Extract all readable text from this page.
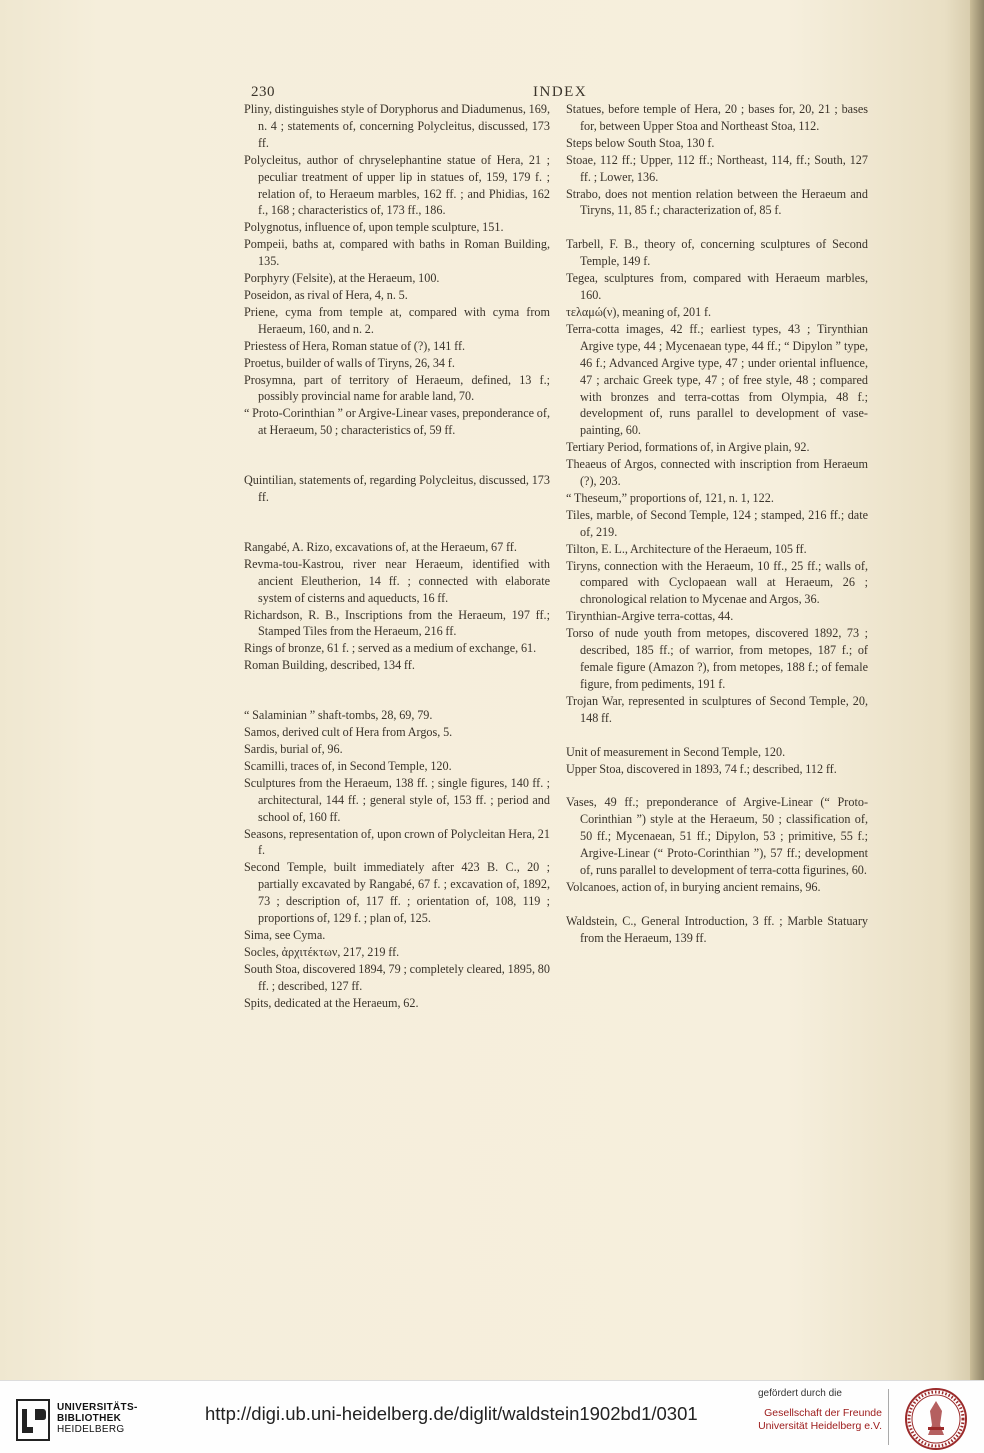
230	INDEX
Pliny, distinguishes style of Doryphorus and Diadumenus, 169, n. 4 ; statements of, concerning Polycleitus, discussed, 173 ff.
Polycleitus, author of chryselephantine statue of Hera, 21 ; peculiar treatment of upper lip in statues of, 159, 179 f. ; relation of, to Heraeum marbles, 162 ff. ; and Phidias, 162 f., 168 ; characteristics of, 173 ff., 186.
Polygnotus, influence of, upon temple sculpture, 151.
Pompeii, baths at, compared with baths in Roman Building, 135.
Porphyry (Felsite), at the Heraeum, 100.
Poseidon, as rival of Hera, 4, n. 5.
Priene, cyma from temple at, compared with cyma from Heraeum, 160, and n. 2.
Priestess of Hera, Roman statue of (?), 141 ff.
Proetus, builder of walls of Tiryns, 26, 34 f.
Prosymna, part of territory of Heraeum, defined, 13 f.; possibly provincial name for arable land, 70.
“ Proto-Corinthian ” or Argive-Linear vases, preponderance of, at Heraeum, 50 ; characteristics of, 59 ff.
Quintilian, statements of, regarding Polycleitus, discussed, 173 ff.
Rangabé, A. Rizo, excavations of, at the Heraeum, 67 ff.
Revma-tou-Kastrou, river near Heraeum, identified with ancient Eleutherion, 14 ff. ; connected with elaborate system of cisterns and aqueducts, 16 ff.
Richardson, R. B., Inscriptions from the Heraeum, 197 ff.; Stamped Tiles from the Heraeum, 216 ff.
Rings of bronze, 61 f. ; served as a medium of exchange, 61.
Roman Building, described, 134 ff.
“ Salaminian ” shaft-tombs, 28, 69, 79.
Samos, derived cult of Hera from Argos, 5.
Sardis, burial of, 96.
Scamilli, traces of, in Second Temple, 120.
Sculptures from the Heraeum, 138 ff. ; single figures, 140 ff. ; architectural, 144 ff. ; general style of, 153 ff. ; period and school of, 160 ff.
Seasons, representation of, upon crown of Polycleitan Hera, 21 f.
Second Temple, built immediately after 423 B. C., 20 ; partially excavated by Rangabé, 67 f. ; excavation of, 1892, 73 ; description of, 117 ff. ; orientation of, 108, 119 ; proportions of, 129 f. ; plan of, 125.
Sima, see Cyma.
Socles, ἀρχιτέκτων, 217, 219 ff.
South Stoa, discovered 1894, 79 ; completely cleared, 1895, 80 ff. ; described, 127 ff.
Spits, dedicated at the Heraeum, 62.
Statues, before temple of Hera, 20 ; bases for, 20, 21 ; bases for, between Upper Stoa and Northeast Stoa, 112.
Steps below South Stoa, 130 f.
Stoae, 112 ff.; Upper, 112 ff.; Northeast, 114, ff.; South, 127 ff. ; Lower, 136.
Strabo, does not mention relation between the Heraeum and Tiryns, 11, 85 f.; characterization of, 85 f.
Tarbell, F. B., theory of, concerning sculptures of Second Temple, 149 f.
Tegea, sculptures from, compared with Heraeum marbles, 160.
τελαμώ(ν), meaning of, 201 f.
Terra-cotta images, 42 ff.; earliest types, 43 ; Tirynthian Argive type, 44 ; Mycenaean type, 44 ff.; “ Dipylon ” type, 46 f.; Advanced Argive type, 47 ; under oriental influence, 47 ; archaic Greek type, 47 ; of free style, 48 ; compared with bronzes and terra-cottas from Olympia, 48 f.; development of, runs parallel to development of vase-painting, 60.
Tertiary Period, formations of, in Argive plain, 92.
Theaeus of Argos, connected with inscription from Heraeum (?), 203.
“ Theseum,” proportions of, 121, n. 1, 122.
Tiles, marble, of Second Temple, 124 ; stamped, 216 ff.; date of, 219.
Tilton, E. L., Architecture of the Heraeum, 105 ff.
Tiryns, connection with the Heraeum, 10 ff., 25 ff.; walls of, compared with Cyclopaean wall at Heraeum, 26 ; chronological relation to Mycenae and Argos, 36.
Tirynthian-Argive terra-cottas, 44.
Torso of nude youth from metopes, discovered 1892, 73 ; described, 185 ff.; of warrior, from metopes, 187 f.; of female figure (Amazon ?), from metopes, 188 f.; of female figure, from pediments, 191 f.
Trojan War, represented in sculptures of Second Temple, 20, 148 ff.
Unit of measurement in Second Temple, 120.
Upper Stoa, discovered in 1893, 74 f.; described, 112 ff.
Vases, 49 ff.; preponderance of Argive-Linear (“ Proto-Corinthian ”) style at the Heraeum, 50 ; classification of, 50 ff.; Mycenaean, 51 ff.; Dipylon, 53 ; primitive, 55 f.; Argive-Linear (“ Proto-Corinthian ”), 57 ff.; development of, runs parallel to development of terra-cotta figurines, 60.
Volcanoes, action of, in burying ancient remains, 96.
Waldstein, C., General Introduction, 3 ff. ; Marble Statuary from the Heraeum, 139 ff.
UNIVERSITÄTS-
BIBLIOTHEK
HEIDELBERG
http://digi.ub.uni-heidelberg.de/diglit/waldstein1902bd1/0301
gefördert durch die
Gesellschaft der Freunde
Universität Heidelberg e.V.
